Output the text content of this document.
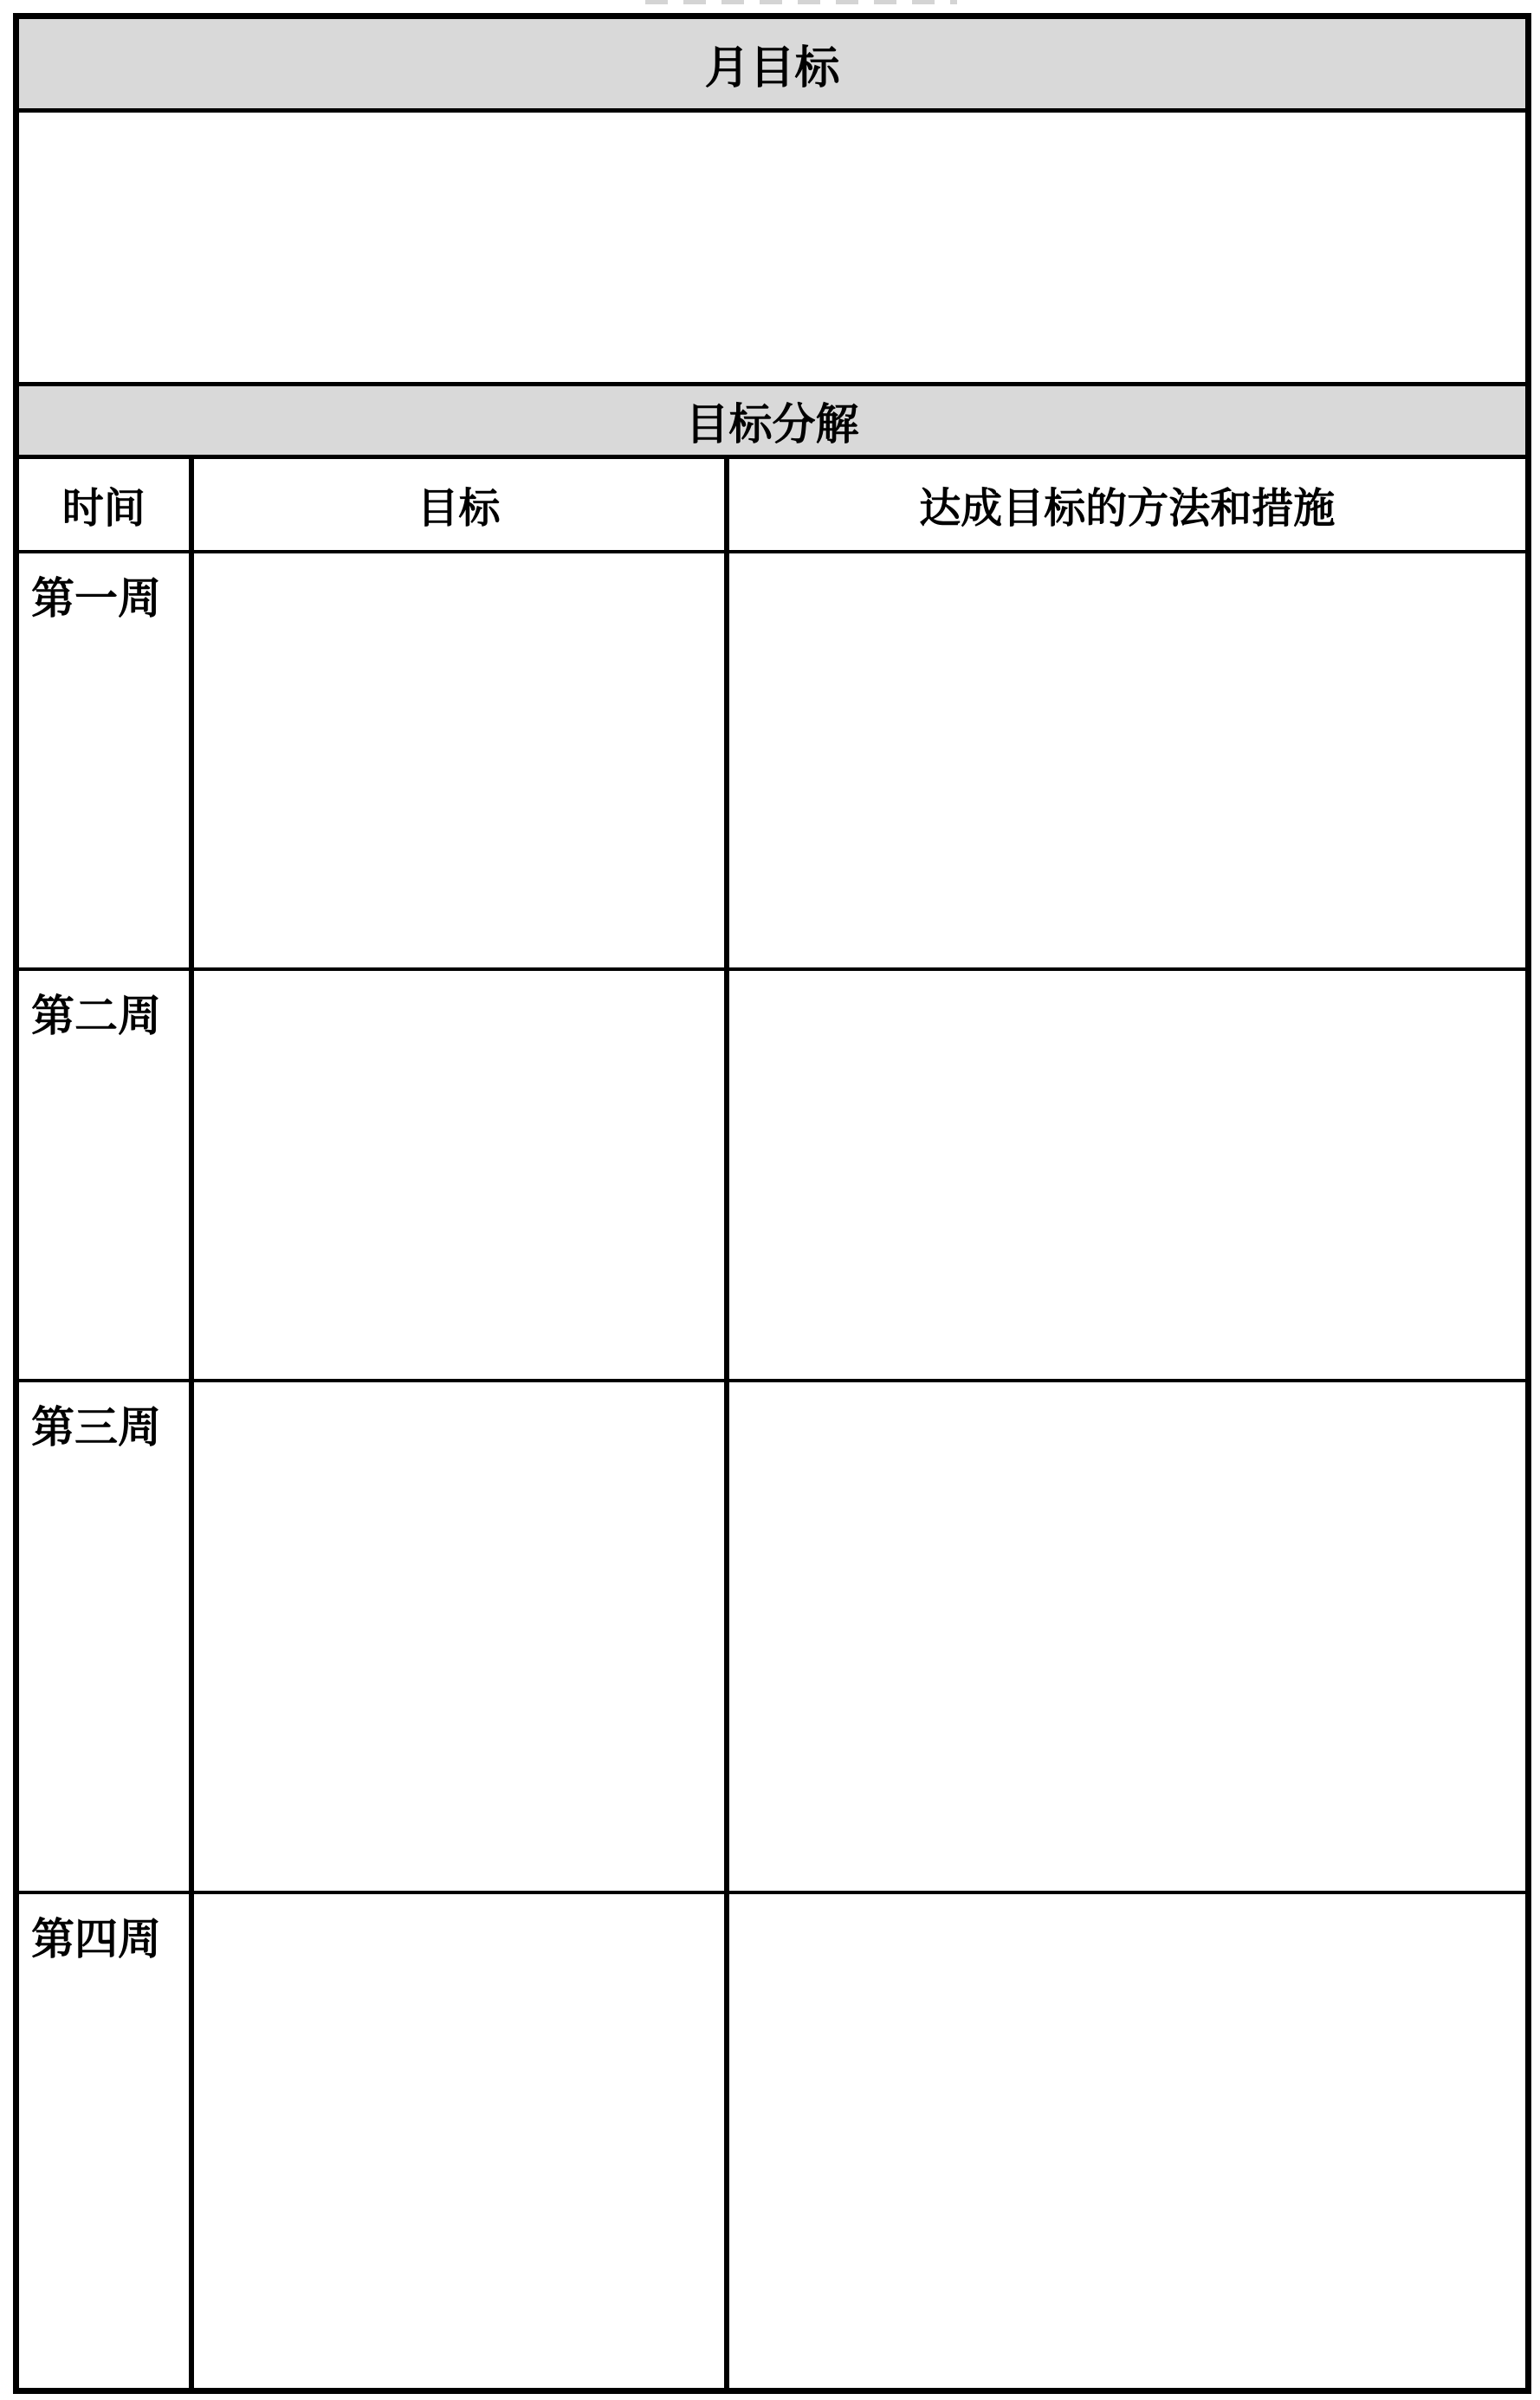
月目标		

目标分解		
时间	目标	达成目标的方法和措施
第一周		
第二周		
第三周		
第四周		
